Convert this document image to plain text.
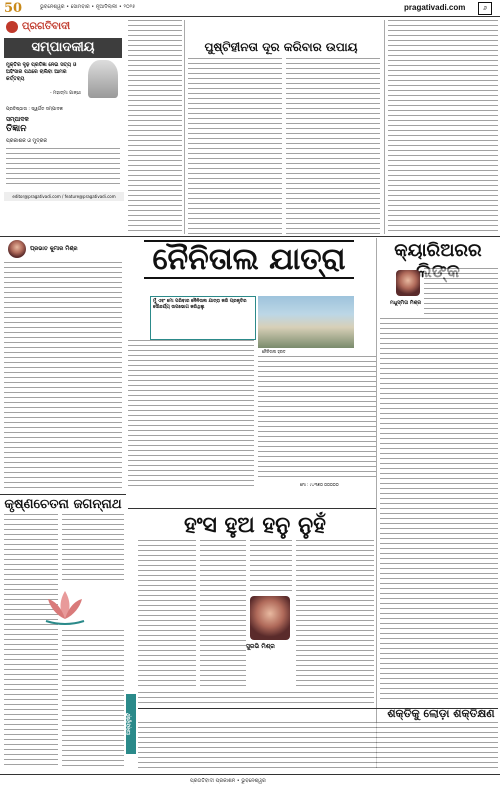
50	ଭୁବନେଶ୍ୱର • ସୋମବାର • ନୂଆଦିଲ୍ଲୀ • ୨୦୨୫	pragativadi.com	୬
ପ୍ରଗତିବାଦୀ
ସମ୍ପାଦକୀୟ
ମୁକ୍ତିର ଦୃଢ଼ ପ୍ରତିଜ୍ଞା ନେଇ ସତ୍ୟ ଓ ଅହିଂସାର ପଥରେ ଚାଲିବା ଆମର କର୍ତ୍ତବ୍ୟ
- ମହାତ୍ମା ଗାନ୍ଧୀ
ପ୍ରତିଷ୍ଠାତା : ସ୍ୱର୍ଗତ ସମ୍ପାଦକ
ସମ୍ପାଦକ
ତିଜ୍ଞାନ
ପ୍ରକାଶକ ଓ ମୁଦ୍ରକ
editor@pragativadi.com / feature@pragativadi.com
ପୁଷ୍ଟିହୀନତା ଦୂର କରିବାର ଉପାୟ
ପ୍ରଭାତ କୁମାର ମିଶ୍ର	ନୈନିତାଲ ଯାତ୍ରା
ମୁଁ ଏବଂ ମୋ ପରିବାର ନୈନିତାଲ ଯାତ୍ରା କରି ପ୍ରକୃତିର ସୌନ୍ଦର୍ଯ୍ୟ ଉପଭୋଗ କରିଥିଲୁ
ନୈନିତାଲ ହ୍ରଦ
ମୋ : ୯୪୩୭୦ ୦୦୦୦୦
କ୍ୟାରିଅରର
ମଧୁସ୍ମିତା ମିଶ୍ର
କୃଷ୍ଣଚେତନା ଜଗନ୍ନାଥ
ଅନ୍ୟଦୃଷ୍ଟି
ହଂସ ହୁଅ ହନୁ ନୁହଁ
ସୁରଭି ମିଶ୍ର
ଶକ୍ତିକୁ ଲୋଡ଼ା ଶକ୍ତିକ୍ଷଣ
ପ୍ରଗତିବାଦୀ ପ୍ରକାଶନ • ଭୁବନେଶ୍ୱର
